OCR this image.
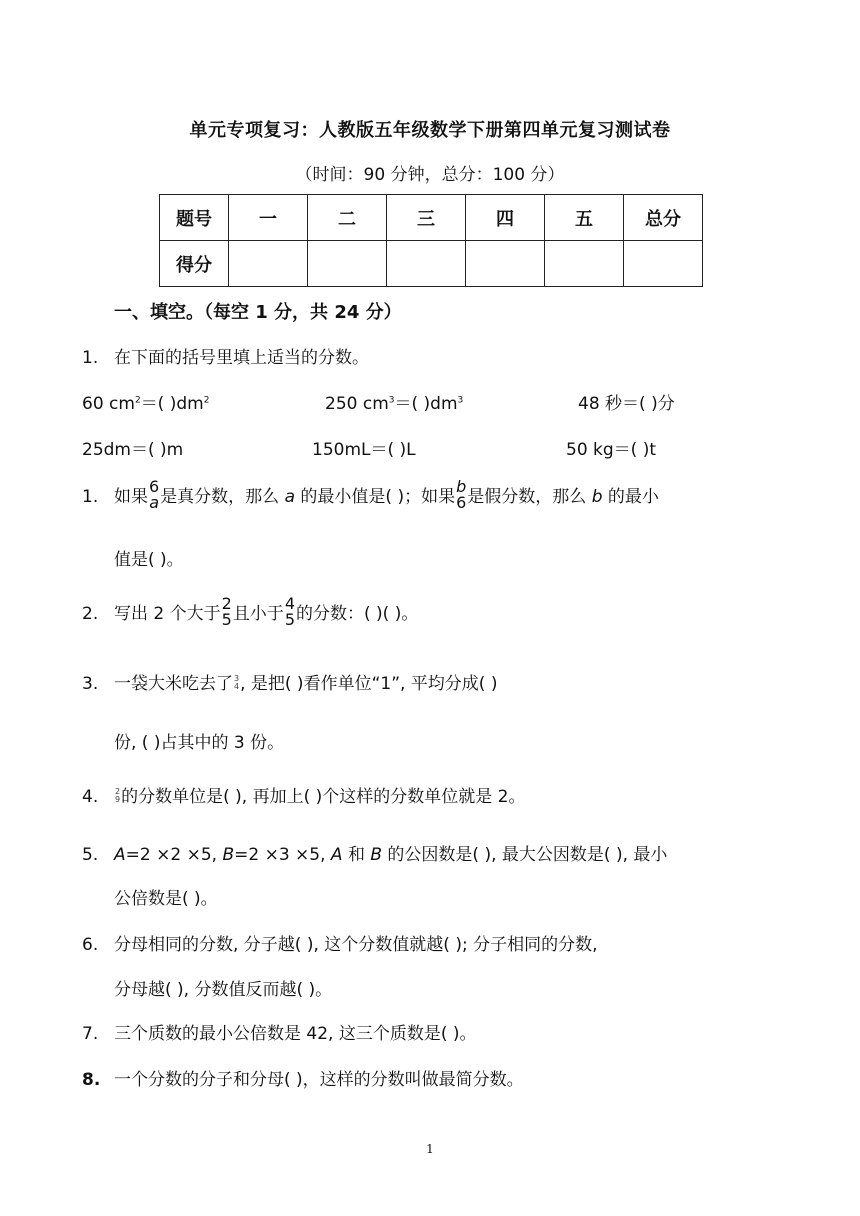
单元专项复习：人教版五年级数学下册第四单元复习测试卷
（时间：90 分钟，总分：100 分）
题号	一	二	三	四	五	总分
得分						
一、填空。（每空 1 分，共 24 分）
1. 在下面的括号里填上适当的分数。
60 $cm^2=$( )$dm^2$	250 $cm^3=$( )$dm^3$	48 秒＝( )分
25dm＝( )m	150mL＝( )L	50 kg＝( )t
1. 如果
6
a 是真分数，那么 a 的最小值是( )；如果
b
6 是假分数，那么 b 的最小
值是( )。
2. 写出 2 个大于
2
5 且小于
4
5 的分数：( )( )。
3. 一袋大米吃去了 3
4 , 是把( )看作单位“1”, 平均分成( )
份, ( )占其中的 3 份。
4. 2
9 的分数单位是( ), 再加上( )个这样的分数单位就是 2。
5. A=2 ×2 ×5, B=2 ×3 ×5, A 和 B 的公因数是( ), 最大公因数是( ), 最小
公倍数是( )。
6. 分母相同的分数, 分子越( ), 这个分数值就越( ); 分子相同的分数,
分母越( ), 分数值反而越( )。
7. 三个质数的最小公倍数是 42, 这三个质数是( )。
8. 一个分数的分子和分母( )，这样的分数叫做最简分数。
1
